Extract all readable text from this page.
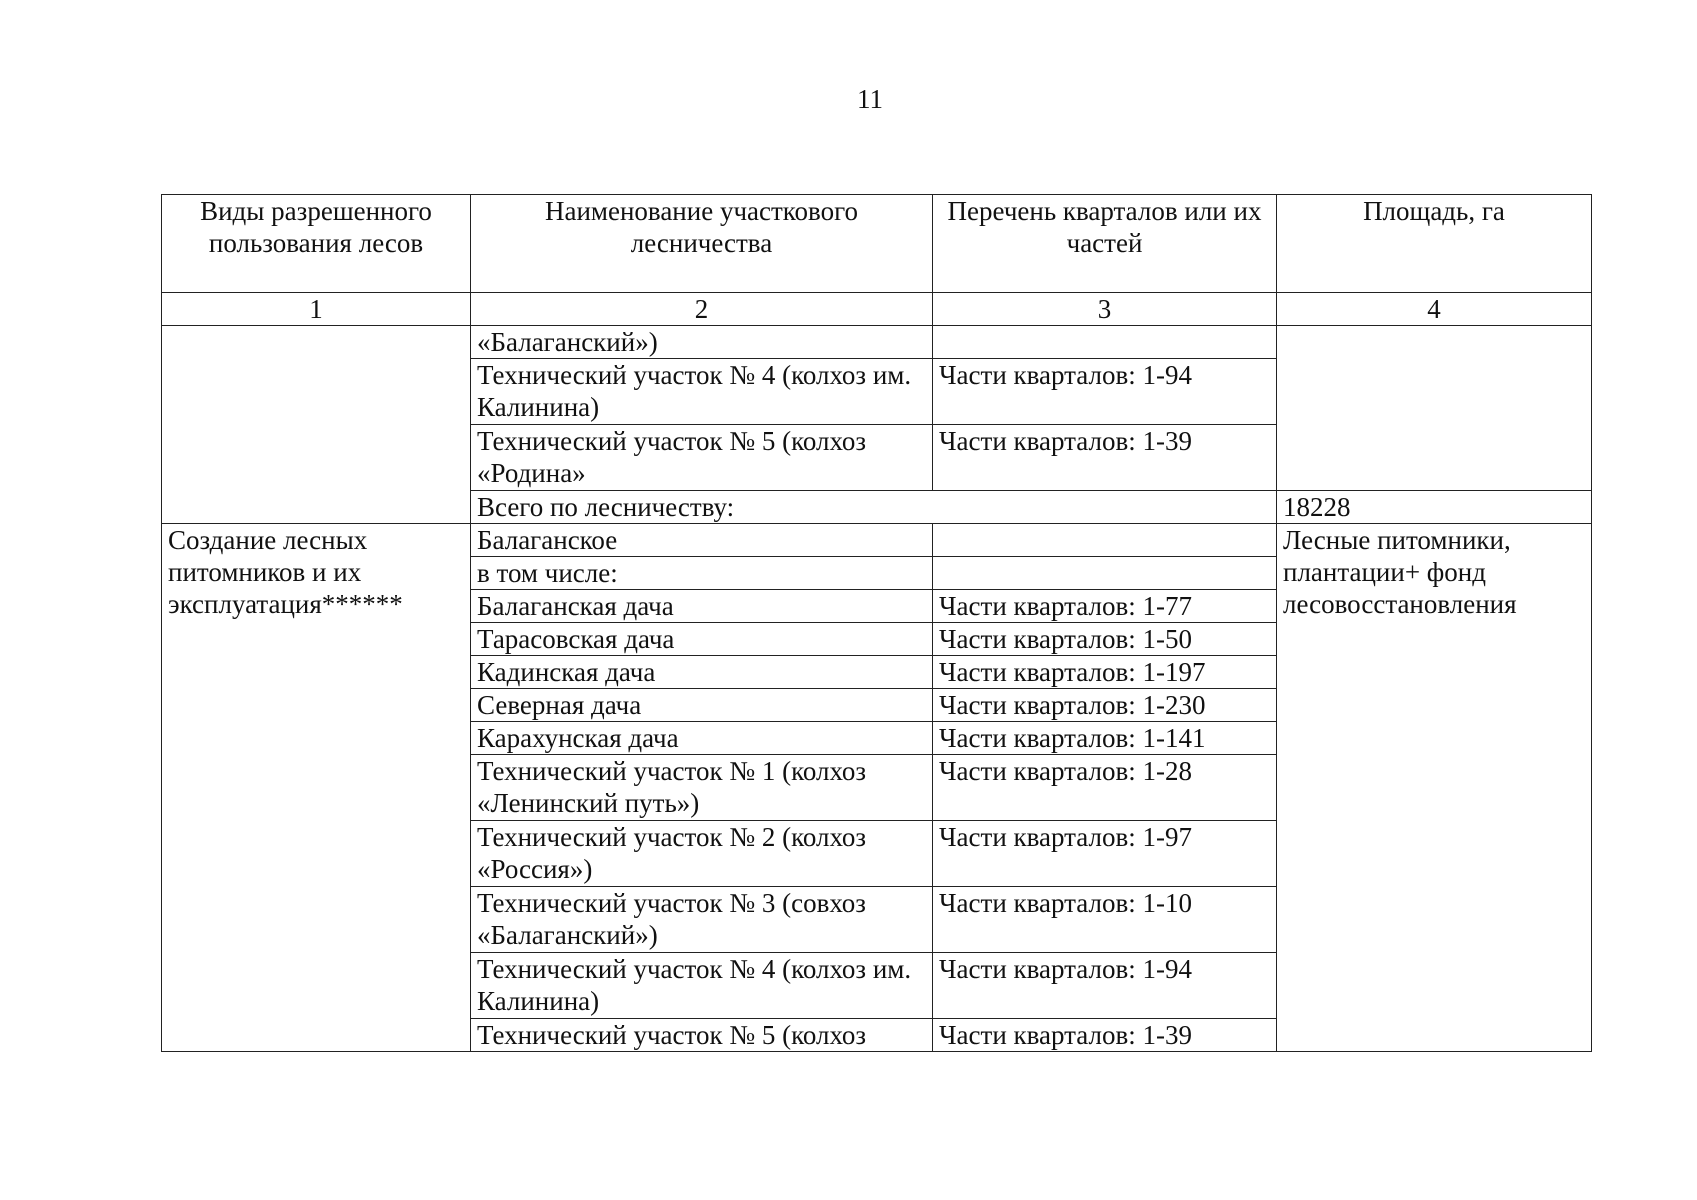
11
Виды разрешенного пользования лесов	Наименование участкового лесничества	Перечень кварталов или их частей	Площадь, га
1	2	3	4
	«Балаганский»)		
	Технический участок № 4 (колхоз им. Калинина)	Части кварталов: 1-94	
	Технический участок № 5 (колхоз «Родина»	Части кварталов: 1-39	
	Всего по лесничеству:		18228
Создание лесных питомников и их эксплуатация******	Балаганское		Лесные питомники, плантации+ фонд лесовосстановления
	в том числе:		
	Балаганская дача	Части кварталов: 1-77	
	Тарасовская дача	Части кварталов: 1-50	
	Кадинская дача	Части кварталов: 1-197	
	Северная дача	Части кварталов: 1-230	
	Карахунская дача	Части кварталов: 1-141	
	Технический участок № 1 (колхоз «Ленинский путь»)	Части кварталов: 1-28	
	Технический участок № 2 (колхоз «Россия»)	Части кварталов: 1-97	
	Технический участок № 3 (совхоз «Балаганский»)	Части кварталов: 1-10	
	Технический участок № 4 (колхоз им. Калинина)	Части кварталов: 1-94	
	Технический участок № 5 (колхоз	Части кварталов: 1-39	
